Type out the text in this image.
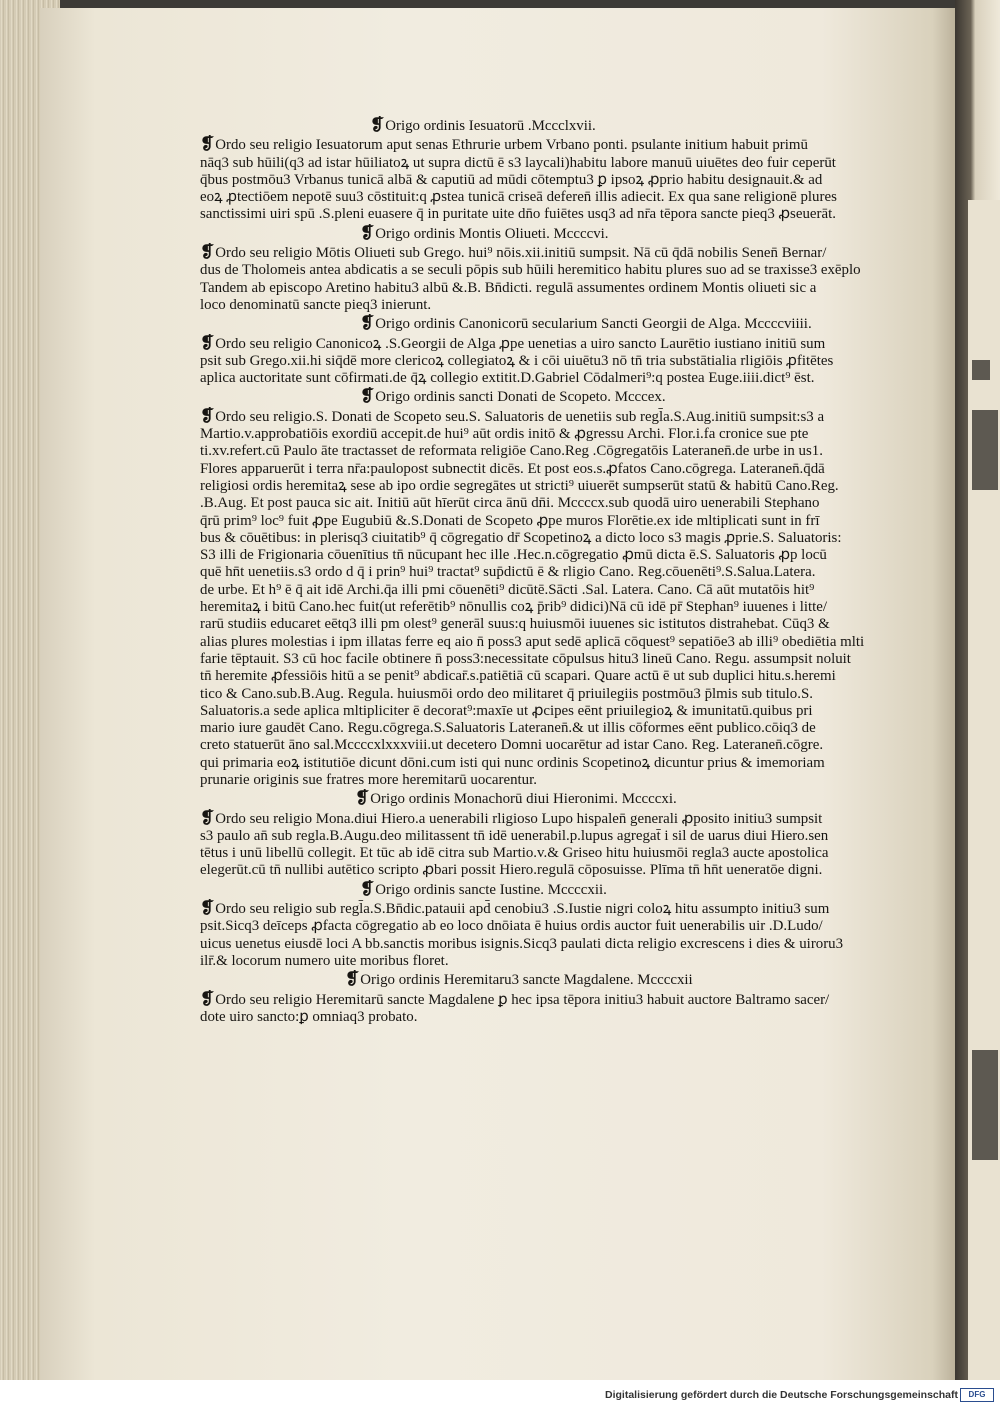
❡Origo ordinis Iesuatorū .Mccclxvii.
❡Ordo seu religio Iesuatorum aput senas Ethrurie urbem Vrbano ponti. psulante initium habuit primū
nāq3 sub hūili(q3 ad istar hūiliatoꝝ ut supra dictū ē s3 laycali)habitu labore manuū uiuētes deo fuir ceperūt
q̄bus postmōu3 Vrbanus tunicā albā & caputiū ad mūdi cōtemptu3 ꝑ ipsoꝝ ꝓprio habitu designauit.& ad
eoꝝ ꝓtectiōem nepotē suu3 cōstituit:q ꝓstea tunicā criseā deferen̄ illis adiecit. Ex qua sane religionē plures
sanctissimi uiri spū .S.pleni euasere q̄ in puritate uite dn̄o fuiētes usq3 ad nr̄a tēpora sancte pieq3 ꝓseuerāt.
❡Origo ordinis Montis Oliueti. Mccccvi.
❡Ordo seu religio Mōtis Oliueti sub Grego. hui⁹ nōis.xii.initiū sumpsit. Nā cū q̄dā nobilis Senen̄ Bernar/
dus de Tholomeis antea abdicatis a se seculi pōpis sub hūili heremitico habitu plures suo ad se traxisse3 exēplo
Tandem ab episcopo Aretino habitu3 albū &.B. Bn̄dicti. regulā assumentes ordinem Montis oliueti sic a
loco denominatū sancte pieq3 inierunt.
❡Origo ordinis Canonicorū secularium Sancti Georgii de Alga. Mccccviiii.
❡Ordo seu religio Canonicoꝝ .S.Georgii de Alga ꝓpe uenetias a uiro sancto Laurētio iustiano initiū sum
psit sub Grego.xii.hi siq̄dē more clericoꝝ collegiatoꝝ & i cōi uiuētu3 nō tn̄ tria substātialia rligiōis ꝓfitētes
aplica auctoritate sunt cōfirmati.de q̄ꝝ collegio extitit.D.Gabriel Cōdalmeri⁹:q postea Euge.iiii.dict⁹ ēst.
❡Origo ordinis sancti Donati de Scopeto. Mcccex.
❡Ordo seu religio.S. Donati de Scopeto seu.S. Saluatoris de uenetiis sub regl̄a.S.Aug.initiū sumpsit:s3 a
Martio.v.approbatiōis exordiū accepit.de hui⁹ aūt ordis initō & ꝓgressu Archi. Flor.i.fa cronice sue pte
ti.xv.refert.cū Paulo āte tractasset de reformata religiōe Cano.Reg .Cōgregatōis Lateranen̄.de urbe in us1.
Flores apparuerūt i terra nr̄a:paulopost subnectit dicēs. Et post eos.s.ꝓfatos Cano.cōgrega. Lateranen̄.q̄dā
religiosi ordis heremitaꝝ sese ab ipo ordie segregātes ut stricti⁹ uiuerēt sumpserūt statū & habitū Cano.Reg.
.B.Aug. Et post pauca sic ait. Initiū aūt hīerūt circa ānū dn̄i. Mccccx.sub quodā uiro uenerabili Stephano
q̄rū prim⁹ loc⁹ fuit ꝓpe Eugubiū &.S.Donati de Scopeto ꝓpe muros Florētie.ex ide mltiplicati sunt in frī
bus & cōuētibus: in plerisq3 ciuitatib⁹ q̄ cōgregatio dr̄ Scopetinoꝝ a dicto loco s3 magis ꝓprie.S. Saluatoris:
S3 illi de Frigionaria cōuenītius tn̄ nūcupant hec ille .Hec.n.cōgregatio ꝓmū dicta ē.S. Saluatoris ꝓp locū
quē hn̄t uenetiis.s3 ordo d̄ q̄ i prin⁹ hui⁹ tractat⁹ sup̄dictū ē & rligio Cano. Reg.cōuenēti⁹.S.Salua.Latera.
de urbe. Et h⁹ ē q̄ ait idē Archi.q̄a illi pmi cōuenēti⁹ dicūtē.Sācti .Sal. Latera. Cano. Cā aūt mutatōis hit⁹
heremitaꝝ i bitū Cano.hec fuit(ut referētib⁹ nōnullis coꝝ p̄rib⁹ didici)Nā cū idē pr̄ Stephan⁹ iuuenes i litte/
rarū studiis educaret eētq3 illi pm olest⁹ generāl suus:q huiusmōi iuuenes sic istitutos distrahebat. Cūq3 &
alias plures molestias i ipm illatas ferre eq aio n̄ poss3 aput sedē aplicā cōquest⁹ sepatiōe3 ab illi⁹ obediētia mlti
farie tēptauit. S3 cū hoc facile obtinere n̄ poss3:necessitate cōpulsus hitu3 lineū Cano. Regu. assumpsit noluit
tn̄ heremite ꝓfessiōis hitū a se penit⁹ abdicar̄.s.patiētiā cū scapari. Quare actū ē ut sub duplici hitu.s.heremi
tico & Cano.sub.B.Aug. Regula. huiusmōi ordo deo militaret q̄ priuilegiis postmōu3 p̄lmis sub titulo.S.
Saluatoris.a sede aplica mltipliciter ē decorat⁹:maxīe ut ꝓcipes eēnt priuilegioꝝ & imunitatū.quibus pri
mario iure gaudēt Cano. Regu.cōgrega.S.Saluatoris Lateranen̄.& ut illis cōformes eēnt publico.cōiq3 de
creto statuerūt āno sal̄.Mccccxlxxxviii.ut decetero Domni uocarētur ad istar Cano. Reg. Lateranen̄.cōgre.
qui primaria eoꝝ istitutiōe dicunt dōni.cum isti qui nunc ordinis Scopetinoꝝ dicuntur prius & imemoriam
prunarie originis sue fratres more heremitarū uocarentur.
❡Origo ordinis Monachorū diui Hieronimi. Mccccxi.
❡Ordo seu religio Mona.diui Hiero.a uenerabili rligioso Lupo hispalen̄ generali ꝓposito initiu3 sumpsit
s3 paulo an̄ sub regl̄a.B.Augu.deo militassent tn̄ idē uenerabil.p.lupus agregat̄ i sil de uarus diui Hiero.sen
tētus i unū libellū collegit. Et tūc ab idē citra sub Martio.v.& Griseo hitu huiusmōi regla3 aucte apostolica
elegerūt.cū tn̄ nullibi autētico scripto ꝓbari possit Hiero.regulā cōposuisse. Plīma tn̄ hn̄t ueneratōe digni.
❡Origo ordinis sancte Iustine. Mccccxii.
❡Ordo seu religio sub regl̄a.S.Bn̄dic.patauii apd̄ cenobiu3 .S.Iustie nigri coloꝝ hitu assumpto initiu3 sum
psit.Sicq3 deīceps ꝓfacta cōgregatio ab eo loco dnōiata ē huius ordis auctor fuit uenerabilis uir .D.Ludo/
uicus uenetus eiusdē loci A bb.sanctis moribus isignis.Sicq3 paulati dicta religio excrescens i dies & uiroru3
ilr̄.& locorum numero uite moribus floret.
❡Origo ordinis Heremitaru3 sancte Magdalene. Mccccxii
❡Ordo seu religio Heremitarū sancte Magdalene ꝑ hec ipsa tēpora initiu3 habuit auctore Baltramo sacer/
dote uiro sancto:ꝑ omniaq3 probato.
Digitalisierung gefördert durch die Deutsche Forschungsgemeinschaft	DFG
